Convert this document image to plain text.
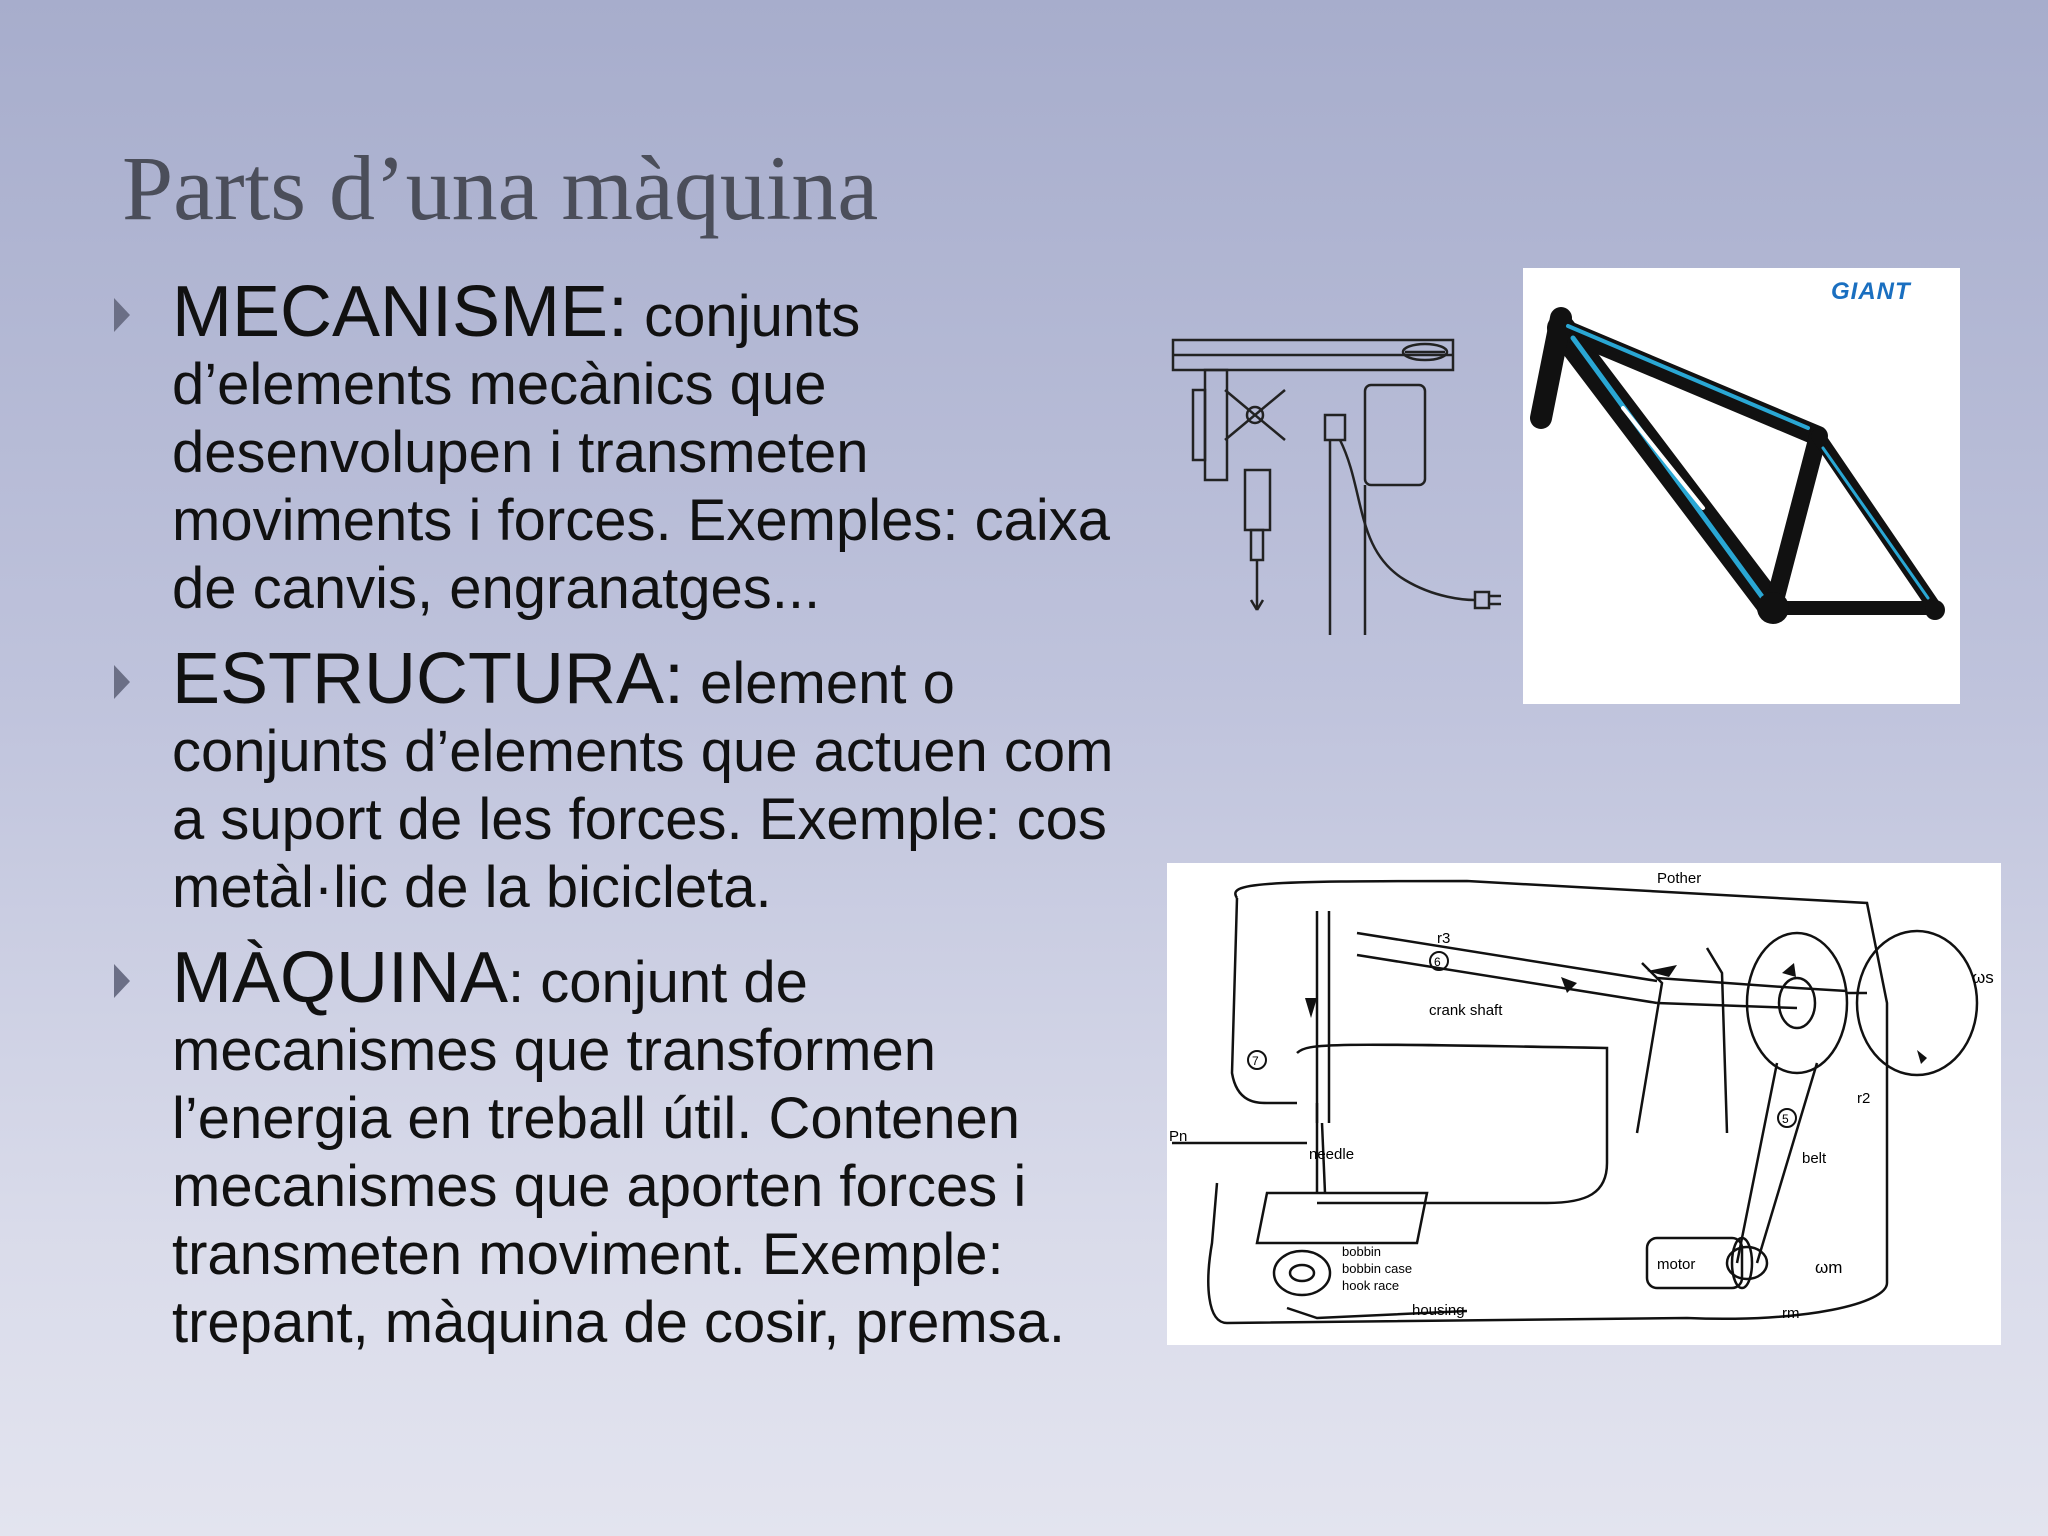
Parts d’una màquina
MECANISME: conjunts d’elements mecànics que desenvolupen i transmeten moviments i forces. Exemples: caixa de canvis, engranatges...
ESTRUCTURA: element o conjunts d’elements que actuen com a suport de les forces. Exemple: cos metàl·lic de la bicicleta.
MÀQUINA: conjunt de mecanismes que transformen l’energia en treball útil. Contenen mecanismes que aporten forces i transmeten moviment. Exemple: trepant, màquina de cosir, premsa.
GIANT
Pother
r3
6
7
5
crank shaft
Pn
needle
bobbin
bobbin case
hook race
housing
motor
belt
r2
rm
ωs
ωm
